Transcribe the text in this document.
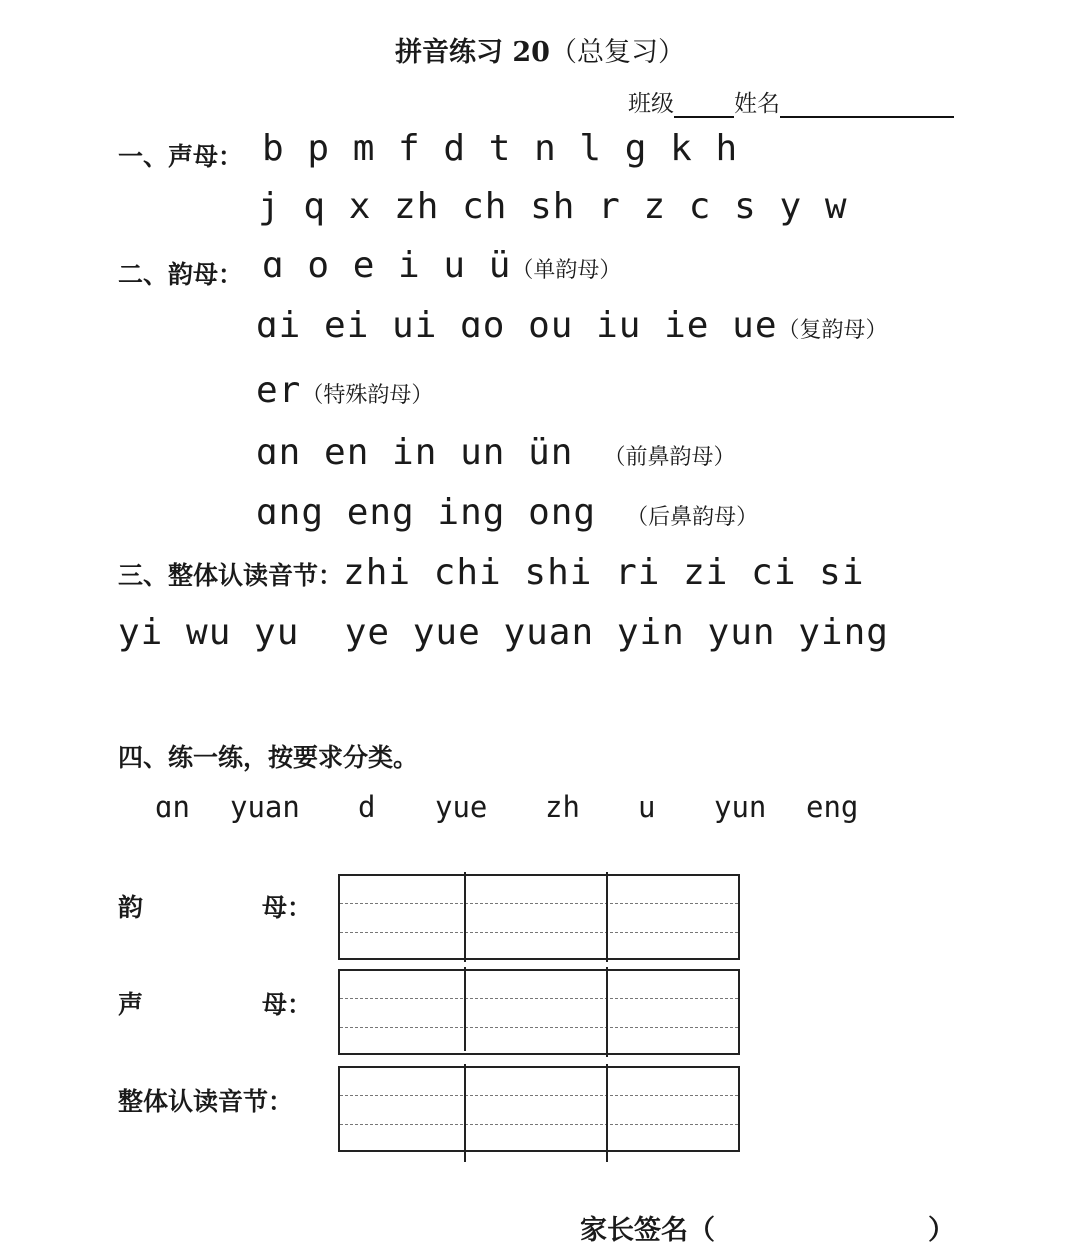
拼音练习 20（总复习）
班级	姓名
一、声母： b p m f d t n l g k h
j q x zh ch sh r z c s y w
二、韵母： ɑ o e i u ü（单韵母）
ɑi ei ui ɑo ou iu ie ue（复韵母）
er（特殊韵母）
ɑn en in un ün （前鼻韵母）
ɑng eng ing ong （后鼻韵母）
三、整体认读音节：zhi chi shi ri zi ci si
yi wu yu  ye yue yuan yin yun ying
四、练一练，按要求分类。
ɑn yuan d yue zh u yun eng
韵	母：
声	母：
整体认读音节：
家长签名（	）
